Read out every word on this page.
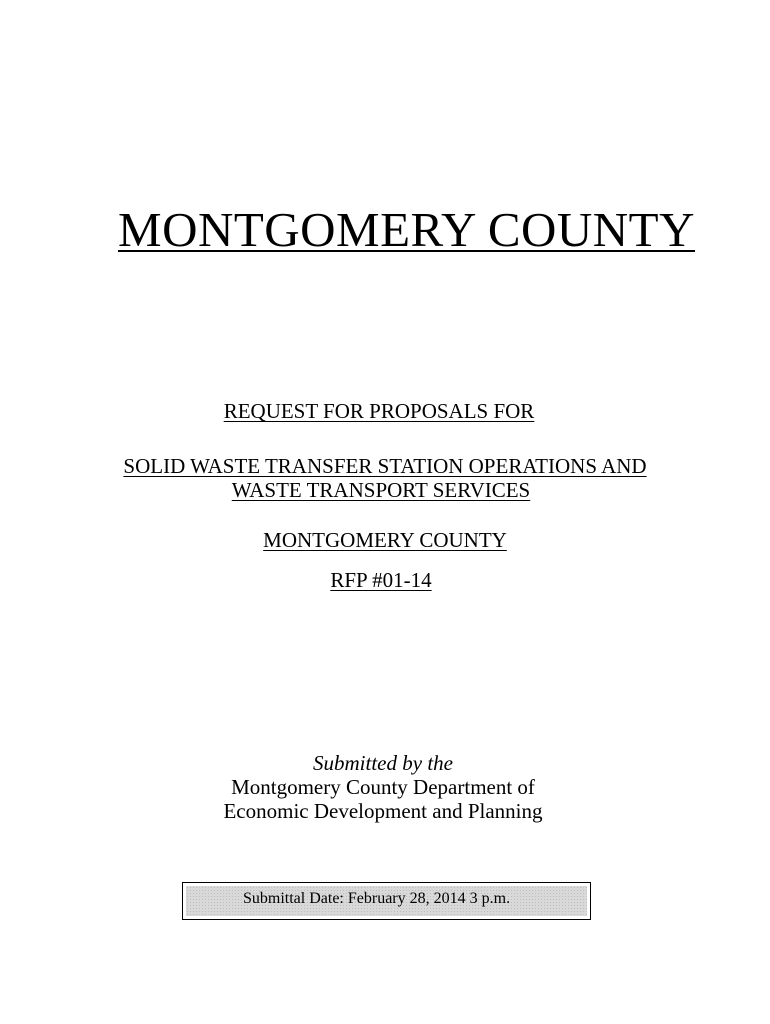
MONTGOMERY COUNTY
REQUEST FOR PROPOSALS FOR
SOLID WASTE TRANSFER STATION OPERATIONS AND
WASTE TRANSPORT SERVICES
MONTGOMERY COUNTY
RFP #01-14
Submitted by the
Montgomery County Department of
Economic Development and Planning
Submittal Date: February 28, 2014 3 p.m.
